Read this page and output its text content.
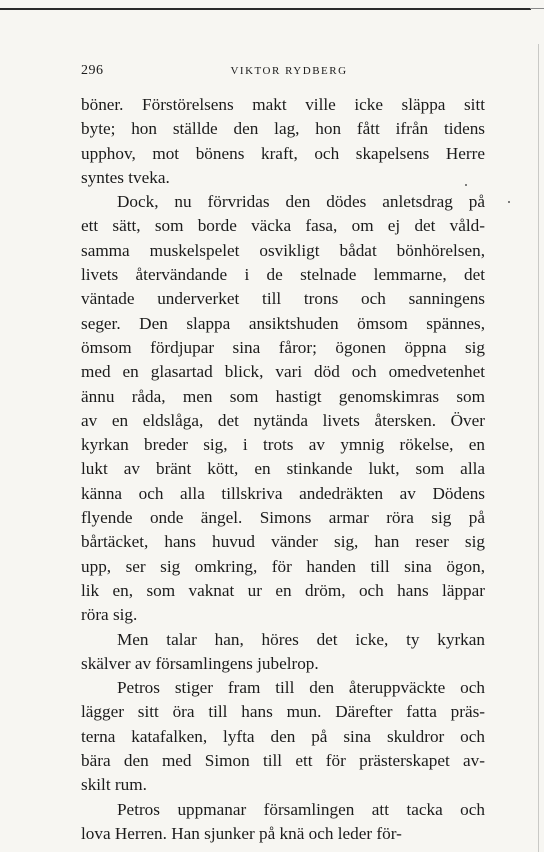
296	VIKTOR RYDBERG

böner. Förstörelsens makt ville icke släppa sitt
byte; hon ställde den lag, hon fått ifrån tidens
upphov, mot bönens kraft, och skapelsens Herre
syntes tveka.

Dock, nu förvridas den dödes anletsdrag på
ett sätt, som borde väcka fasa, om ej det våld-
samma muskelspelet osvikligt bådat bönhörelsen,
livets återvändande i de stelnade lemmarne, det
väntade underverket till trons och sanningens
seger. Den slappa ansiktshuden ömsom spännes,
ömsom fördjupar sina fåror; ögonen öppna sig
med en glasartad blick, vari död och omedvetenhet
ännu råda, men som hastigt genomskimras som
av en eldslåga, det nytända livets återsken. Över
kyrkan breder sig, i trots av ymnig rökelse, en
lukt av bränt kött, en stinkande lukt, som alla
känna och alla tillskriva andedräkten av Dödens
flyende onde ängel. Simons armar röra sig på
bårtäcket, hans huvud vänder sig, han reser sig
upp, ser sig omkring, för handen till sina ögon,
lik en, som vaknat ur en dröm, och hans läppar
röra sig.

Men talar han, höres det icke, ty kyrkan
skälver av församlingens jubelrop.

Petros stiger fram till den återuppväckte och
lägger sitt öra till hans mun. Därefter fatta präs-
terna katafalken, lyfta den på sina skuldror och
bära den med Simon till ett för prästerskapet av-
skilt rum.

Petros uppmanar församlingen att tacka och
lova Herren. Han sjunker på knä och leder för-
